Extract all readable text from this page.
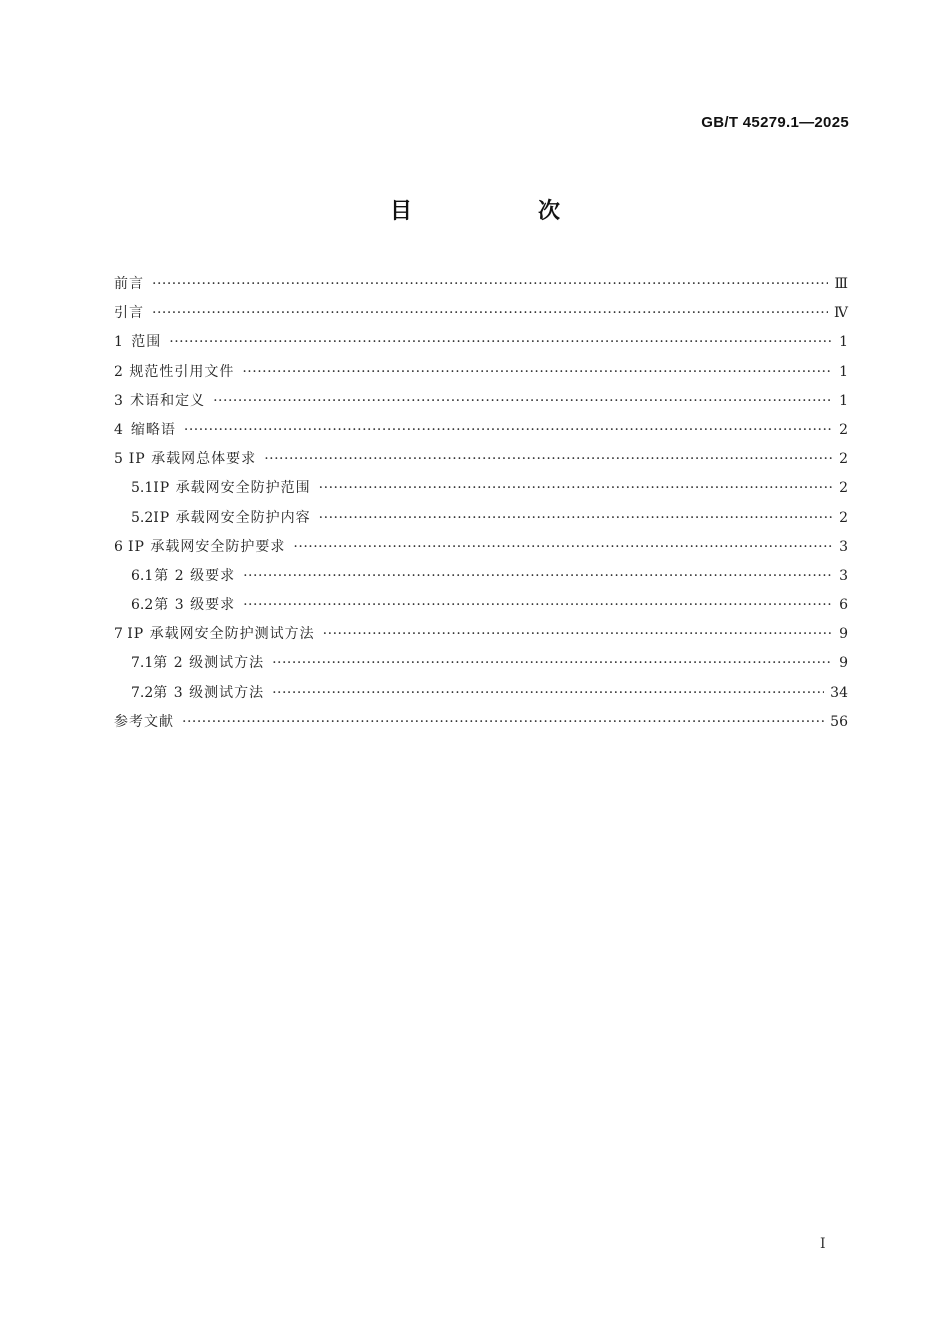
GB/T 45279.1—2025
目　次
前言 ·····	Ⅲ
引言 ·····	Ⅳ
1 范围 ·····	1
2 规范性引用文件 ·····	1
3 术语和定义 ·····	1
4 缩略语 ·····	2
5 IP 承载网总体要求 ·····	2
5.1 IP 承载网安全防护范围 ·····	2
5.2 IP 承载网安全防护内容 ·····	2
6 IP 承载网安全防护要求 ·····	3
6.1 第 2 级要求 ·····	3
6.2 第 3 级要求 ·····	6
7 IP 承载网安全防护测试方法 ·····	9
7.1 第 2 级测试方法 ·····	9
7.2 第 3 级测试方法 ·····	34
参考文献 ·····	56
Ⅰ
